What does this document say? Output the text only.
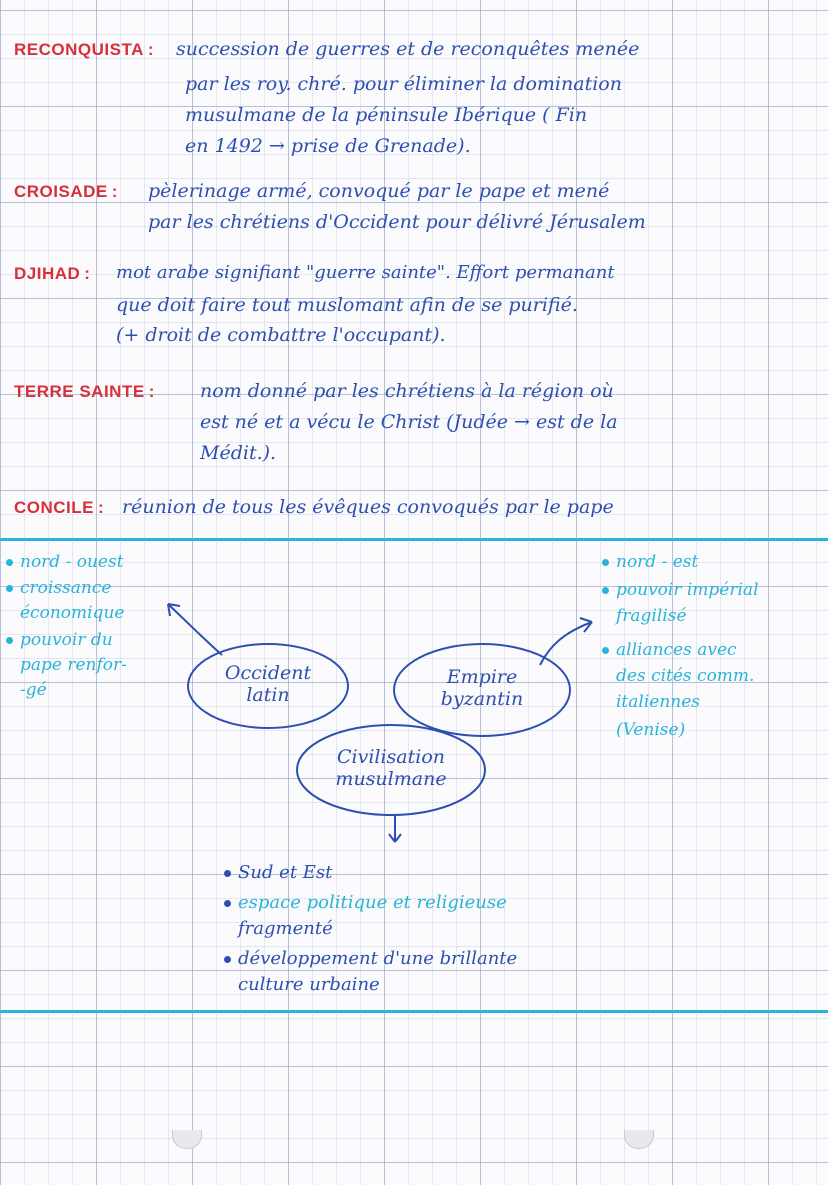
RECONQUISTA : succession de guerres et de reconquêtes menée
par les roy. chré. pour éliminer la domination
musulmane de la péninsule Ibérique ( Fin
en 1492 → prise de Grenade).
CROISADE : pèlerinage armé, convoqué par le pape et mené
par les chrétiens d'Occident pour délivré Jérusalem
DJIHAD : mot arabe signifiant "guerre sainte". Effort permanant
que doit faire tout muslomant afin de se purifié.
(+ droit de combattre l'occupant).
TERRE SAINTE : nom donné par les chrétiens à la région où
est né et a vécu le Christ (Judée → est de la
Médit.).
CONCILE : réunion de tous les évêques convoqués par le pape
Occident
latin
Empire
byzantin
Civilisation
musulmane
nord - ouest
croissance
économique
pouvoir du
pape renfor-
-gé
nord - est
pouvoir impérial
fragilisé
alliances avec
des cités comm.
italiennes
(Venise)
Sud et Est
espace politique et religieuse
fragmenté
développement d'une brillante
culture urbaine
